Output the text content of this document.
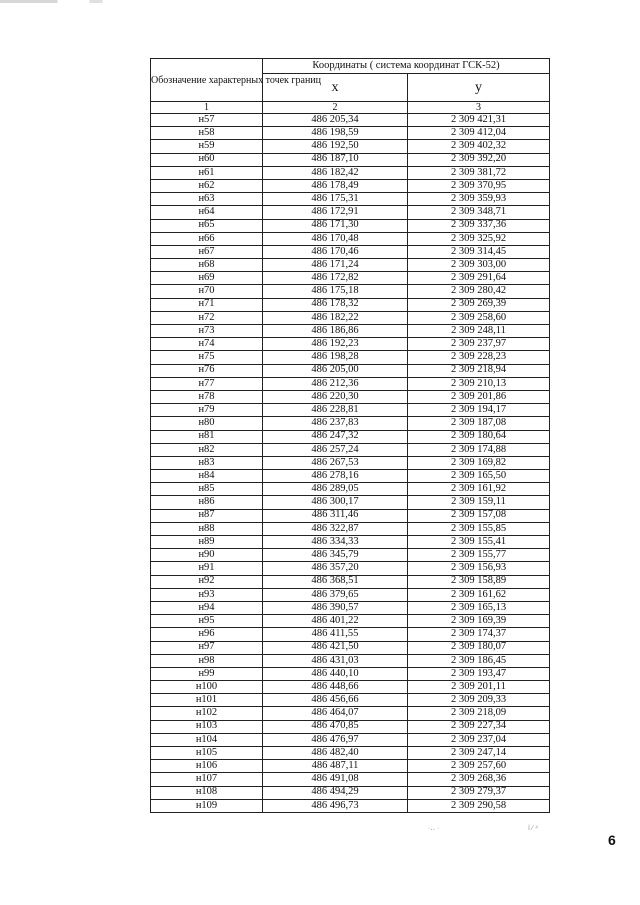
Обозначение характерных точек границ	Координаты ( система координат ГСК-52)	
	x	y
1	2	3
н57	486 205,34	2 309 421,31
н58	486 198,59	2 309 412,04
н59	486 192,50	2 309 402,32
н60	486 187,10	2 309 392,20
н61	486 182,42	2 309 381,72
н62	486 178,49	2 309 370,95
н63	486 175,31	2 309 359,93
н64	486 172,91	2 309 348,71
н65	486 171,30	2 309 337,36
н66	486 170,48	2 309 325,92
н67	486 170,46	2 309 314,45
н68	486 171,24	2 309 303,00
н69	486 172,82	2 309 291,64
н70	486 175,18	2 309 280,42
н71	486 178,32	2 309 269,39
н72	486 182,22	2 309 258,60
н73	486 186,86	2 309 248,11
н74	486 192,23	2 309 237,97
н75	486 198,28	2 309 228,23
н76	486 205,00	2 309 218,94
н77	486 212,36	2 309 210,13
н78	486 220,30	2 309 201,86
н79	486 228,81	2 309 194,17
н80	486 237,83	2 309 187,08
н81	486 247,32	2 309 180,64
н82	486 257,24	2 309 174,88
н83	486 267,53	2 309 169,82
н84	486 278,16	2 309 165,50
н85	486 289,05	2 309 161,92
н86	486 300,17	2 309 159,11
н87	486 311,46	2 309 157,08
н88	486 322,87	2 309 155,85
н89	486 334,33	2 309 155,41
н90	486 345,79	2 309 155,77
н91	486 357,20	2 309 156,93
н92	486 368,51	2 309 158,89
н93	486 379,65	2 309 161,62
н94	486 390,57	2 309 165,13
н95	486 401,22	2 309 169,39
н96	486 411,55	2 309 174,37
н97	486 421,50	2 309 180,07
н98	486 431,03	2 309 186,45
н99	486 440,10	2 309 193,47
н100	486 448,66	2 309 201,11
н101	486 456,66	2 309 209,33
н102	486 464,07	2 309 218,09
н103	486 470,85	2 309 227,34
н104	486 476,97	2 309 237,04
н105	486 482,40	2 309 247,14
н106	486 487,11	2 309 257,60
н107	486 491,08	2 309 268,36
н108	486 494,29	2 309 279,37
н109	486 496,73	2 309 290,58
·‥ ·	ⅰ ⁄ ⁴
6
